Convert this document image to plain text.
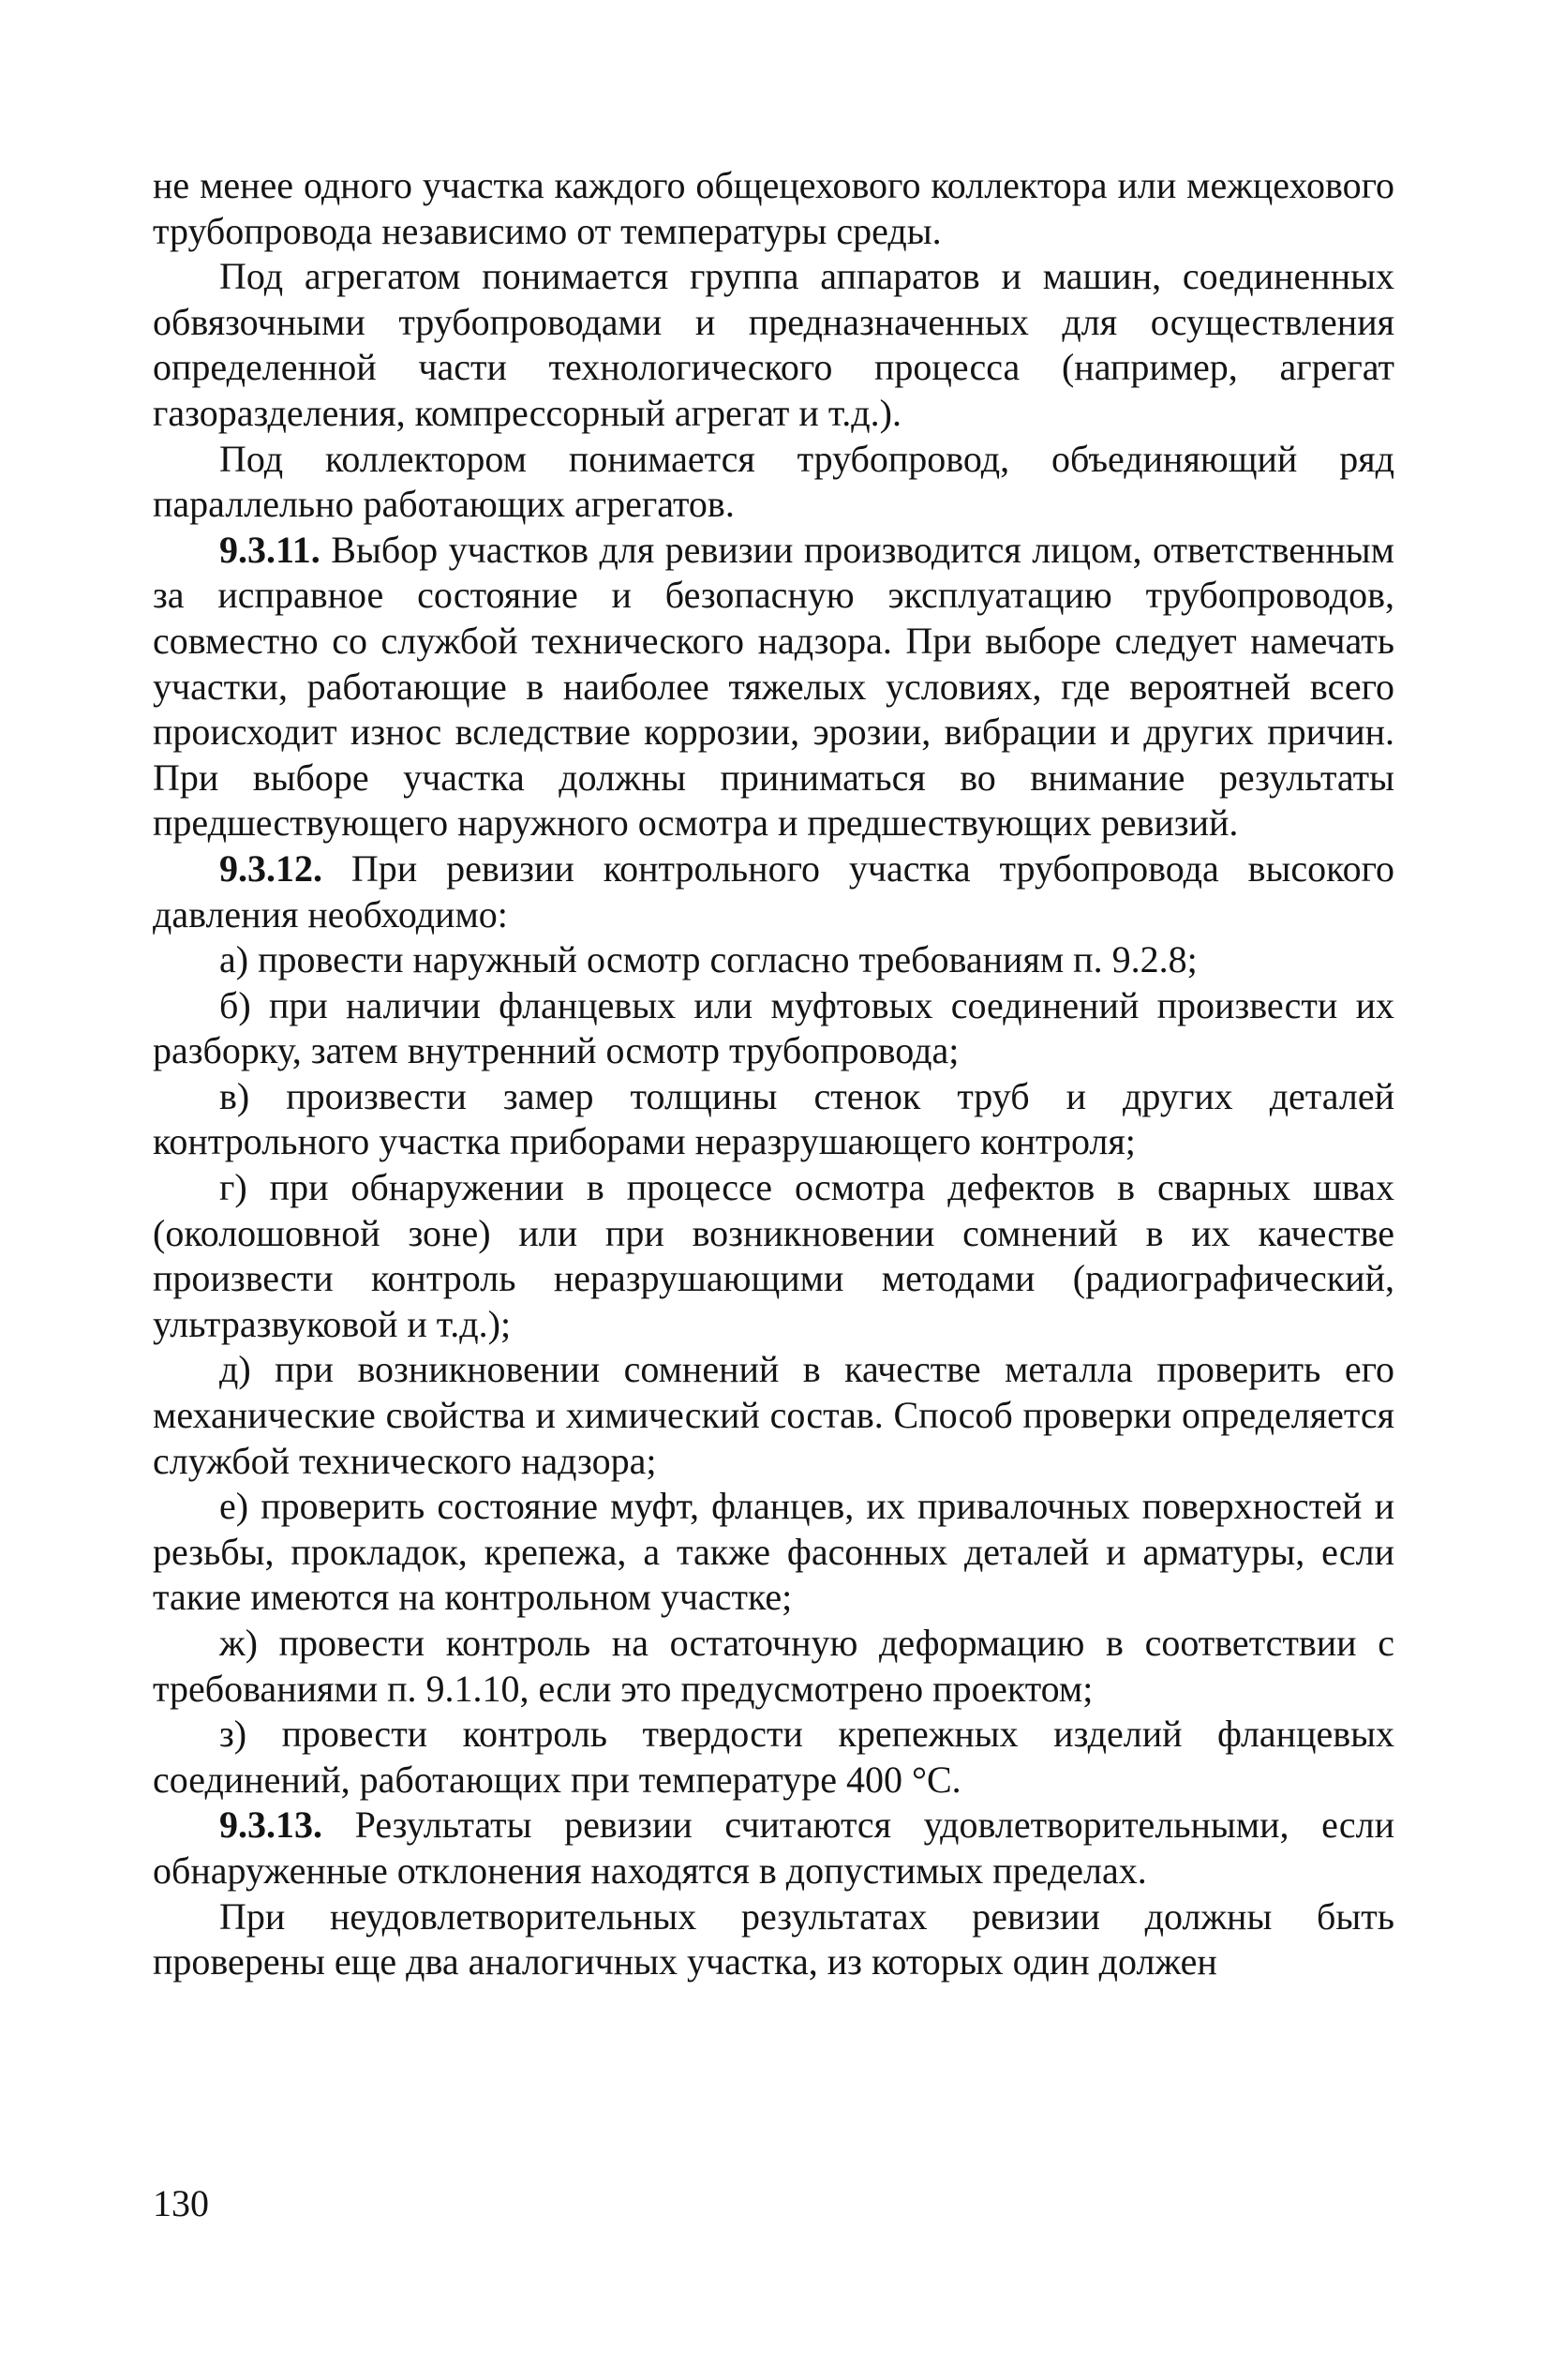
не менее одного участка каждого общецехового коллектора или межцехового трубопровода независимо от температуры среды.

Под агрегатом понимается группа аппаратов и машин, соединенных обвязочными трубопроводами и предназначенных для осуществления определенной части технологического процесса (например, агрегат газоразделения, компрессорный агрегат и т.д.).

Под коллектором понимается трубопровод, объединяющий ряд параллельно работающих агрегатов.

9.3.11. Выбор участков для ревизии производится лицом, ответственным за исправное состояние и безопасную эксплуатацию трубопроводов, совместно со службой технического надзора. При выборе следует намечать участки, работающие в наиболее тяжелых условиях, где вероятней всего происходит износ вследствие коррозии, эрозии, вибрации и других причин. При выборе участка должны приниматься во внимание результаты предшествующего наружного осмотра и предшествующих ревизий.

9.3.12. При ревизии контрольного участка трубопровода высокого давления необходимо:

а) провести наружный осмотр согласно требованиям п. 9.2.8;

б) при наличии фланцевых или муфтовых соединений произвести их разборку, затем внутренний осмотр трубопровода;

в) произвести замер толщины стенок труб и других деталей контрольного участка приборами неразрушающего контроля;

г) при обнаружении в процессе осмотра дефектов в сварных швах (околошовной зоне) или при возникновении сомнений в их качестве произвести контроль неразрушающими методами (радиографический, ультразвуковой и т.д.);

д) при возникновении сомнений в качестве металла проверить его механические свойства и химический состав. Способ проверки определяется службой технического надзора;

е) проверить состояние муфт, фланцев, их привалочных поверхностей и резьбы, прокладок, крепежа, а также фасонных деталей и арматуры, если такие имеются на контрольном участке;

ж) провести контроль на остаточную деформацию в соответствии с требованиями п. 9.1.10, если это предусмотрено проектом;

з) провести контроль твердости крепежных изделий фланцевых соединений, работающих при температуре 400 °С.

9.3.13. Результаты ревизии считаются удовлетворительными, если обнаруженные отклонения находятся в допустимых пределах.

При неудовлетворительных результатах ревизии должны быть проверены еще два аналогичных участка, из которых один должен

130
